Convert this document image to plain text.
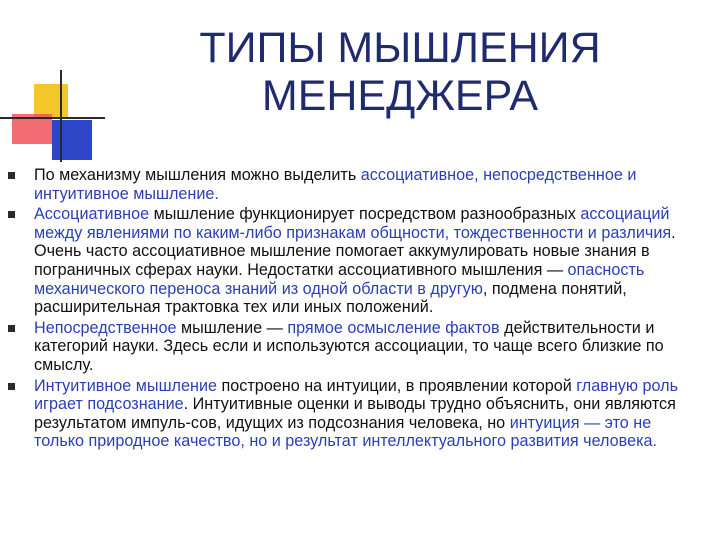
ТИПЫ МЫШЛЕНИЯ
МЕНЕДЖЕРА
По механизму мышления можно выделить ассоциативное, непосредственное и интуитивное мышление.
Ассоциативное мышление функционирует посредством разнообразных ассоциаций между явлениями по каким-либо признакам общности, тождественности и различия. Очень часто ассоциативное мышление помогает аккумулировать новые знания в пограничных сферах науки. Недостатки ассоциативного мышления — опасность механического переноса знаний из одной области в другую, подмена понятий, расширительная трактовка тех или иных положений.
Непосредственное мышление — прямое осмысление фактов действительности и категорий науки. Здесь если и используются ассоциации, то чаще всего близкие по смыслу.
Интуитивное мышление построено на интуиции, в проявлении которой главную роль играет подсознание. Интуитивные оценки и выводы трудно объяснить, они являются результатом импуль-сов, идущих из подсознания человека, но интуиция — это не только природное качество, но и результат интеллектуального развития человека.
